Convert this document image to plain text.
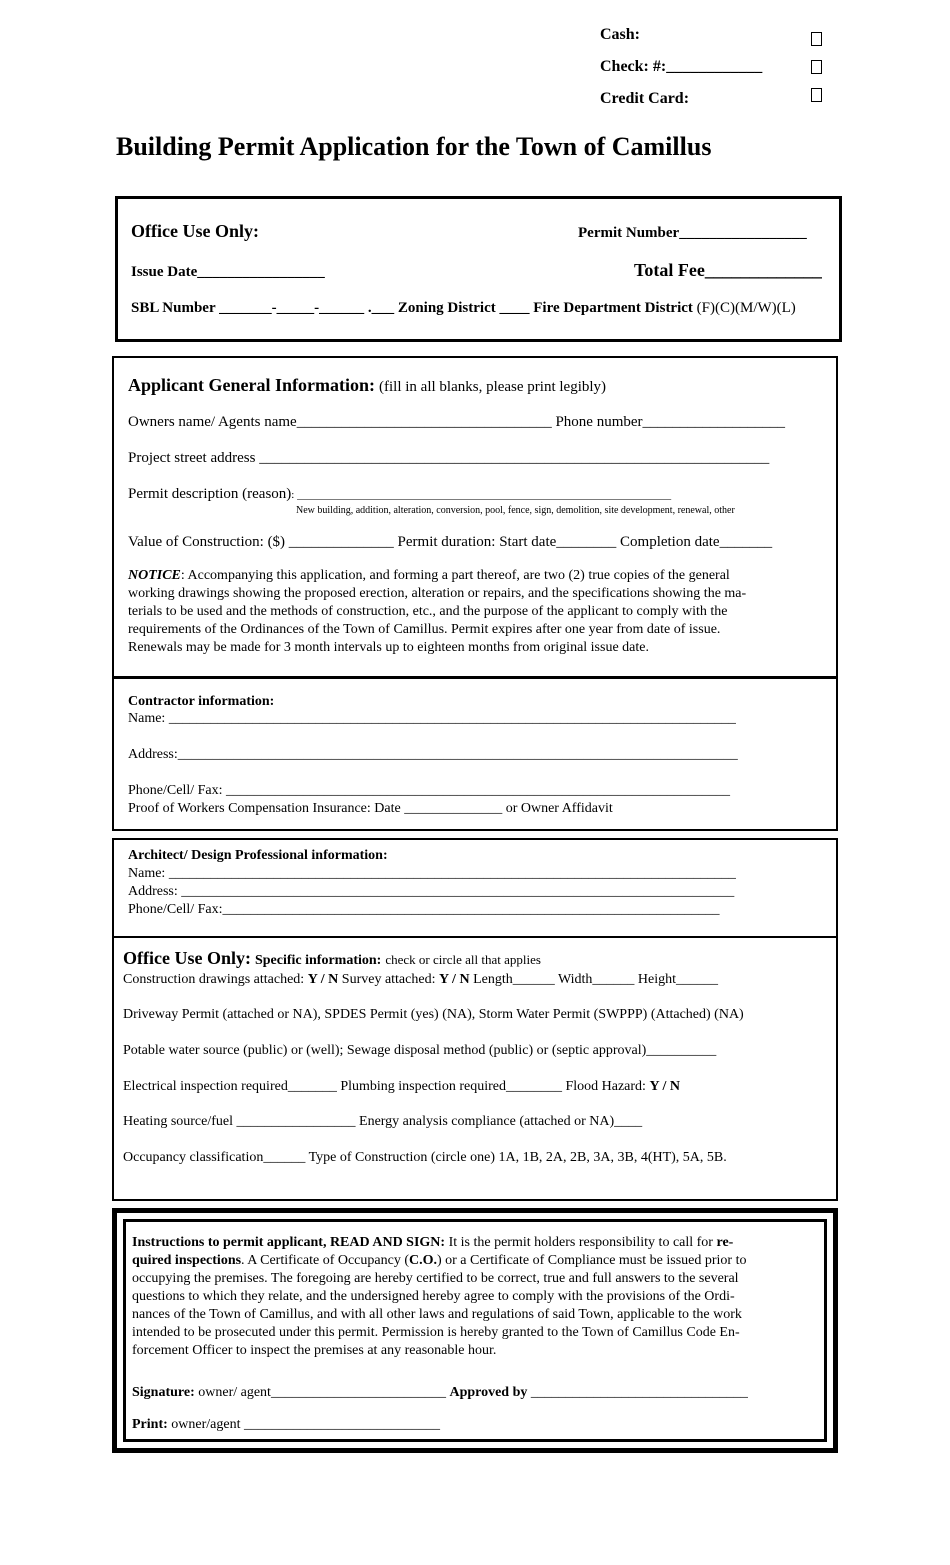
Cash:
Check: #:____________
Credit Card:
Building Permit Application for the Town of Camillus
Office Use Only:	Permit Number_________________
Issue Date_________________	Total Fee_____________
SBL Number _______-_____-______ .___ Zoning District ____ Fire Department District (F)(C)(M/W)(L)
Applicant General Information: (fill in all blanks, please print legibly)
Owners name/ Agents name__________________________________ Phone number___________________
Project street address ____________________________________________________________________
Permit description (reason): ____________________________________________________________________
New building, addition, alteration, conversion, pool, fence, sign, demolition, site development, renewal, other
Value of Construction: ($) ______________ Permit duration: Start date________ Completion date_______
NOTICE: Accompanying this application, and forming a part thereof, are two (2) true copies of the general
working drawings showing the proposed erection, alteration or repairs, and the specifications showing the ma-
terials to be used and the methods of construction, etc., and the purpose of the applicant to comply with the
requirements of the Ordinances of the Town of Camillus. Permit expires after one year from date of issue.
Renewals may be made for 3 month intervals up to eighteen months from original issue date.
Contractor information:
Name: _________________________________________________________________________________
Address:________________________________________________________________________________
Phone/Cell/ Fax: ________________________________________________________________________
Proof of Workers Compensation Insurance: Date ______________ or Owner Affidavit
Architect/ Design Professional information:
Name: _________________________________________________________________________________
Address: _______________________________________________________________________________
Phone/Cell/ Fax:_______________________________________________________________________
Office Use Only: Specific information: check or circle all that applies
Construction drawings attached: Y / N Survey attached: Y / N Length______ Width______ Height______
Driveway Permit (attached or NA), SPDES Permit (yes) (NA), Storm Water Permit (SWPPP) (Attached) (NA)
Potable water source (public) or (well); Sewage disposal method (public) or (septic approval)__________
Electrical inspection required_______ Plumbing inspection required________ Flood Hazard: Y / N
Heating source/fuel _________________ Energy analysis compliance (attached or NA)____
Occupancy classification______ Type of Construction (circle one) 1A, 1B, 2A, 2B, 3A, 3B, 4(HT), 5A, 5B.
Instructions to permit applicant, READ AND SIGN: It is the permit holders responsibility to call for re-
quired inspections. A Certificate of Occupancy (C.O.) or a Certificate of Compliance must be issued prior to
occupying the premises. The foregoing are hereby certified to be correct, true and full answers to the several
questions to which they relate, and the undersigned hereby agree to comply with the provisions of the Ordi-
nances of the Town of Camillus, and with all other laws and regulations of said Town, applicable to the work
intended to be prosecuted under this permit. Permission is hereby granted to the Town of Camillus Code En-
forcement Officer to inspect the premises at any reasonable hour.
Signature: owner/ agent_________________________ Approved by _______________________________
Print: owner/agent ____________________________
